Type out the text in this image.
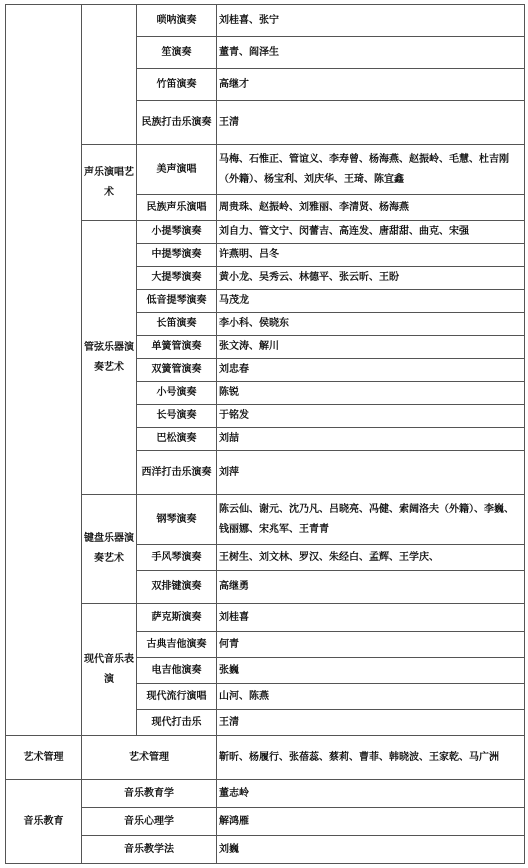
		唢呐演奏	刘桂喜、张宁
		笙演奏	董青、阎泽生
		竹笛演奏	高继才
		民族打击乐演奏	王清
	声乐演唱艺术	美声演唱	马梅、石惟正、管谊义、李寿曾、杨海燕、赵振岭、毛慧、杜吉刚（外籍）、杨宝利、刘庆华、王琦、陈宜鑫
		民族声乐演唱	周贵珠、赵振岭、刘雅丽、李清贤、杨海燕
	管弦乐器演奏艺术	小提琴演奏	刘自力、管文宁、闵蕾吉、高连发、唐甜甜、曲克、宋强
		中提琴演奏	许燕明、吕冬
		大提琴演奏	黄小龙、吴秀云、林德平、张云昕、王盼
		低音提琴演奏	马茂龙
		长笛演奏	李小科、侯晓东
		单簧管演奏	张文涛、解川
		双簧管演奏	刘忠春
		小号演奏	陈锐
		长号演奏	于铭发
		巴松演奏	刘喆
		西洋打击乐演奏	刘萍
	键盘乐器演奏艺术	钢琴演奏	陈云仙、谢元、沈乃凡、吕晓亮、冯健、索阔洛夫（外籍）、李巍、钱丽娜、宋兆军、王青青
		手风琴演奏	王树生、刘文林、罗汉、朱经白、孟辉、王学庆、
		双排键演奏	高继勇
	现代音乐表演	萨克斯演奏	刘桂喜
		古典吉他演奏	何青
		电吉他演奏	张巍
		现代流行演唱	山河、陈燕
		现代打击乐	王清
艺术管理	艺术管理		靳昕、杨履行、张蓓蕊、蔡莉、曹菲、韩晓波、王家乾、马广洲
音乐教育	音乐教育学		董志岭
	音乐心理学		解鸿雁
	音乐教学法		刘巍
